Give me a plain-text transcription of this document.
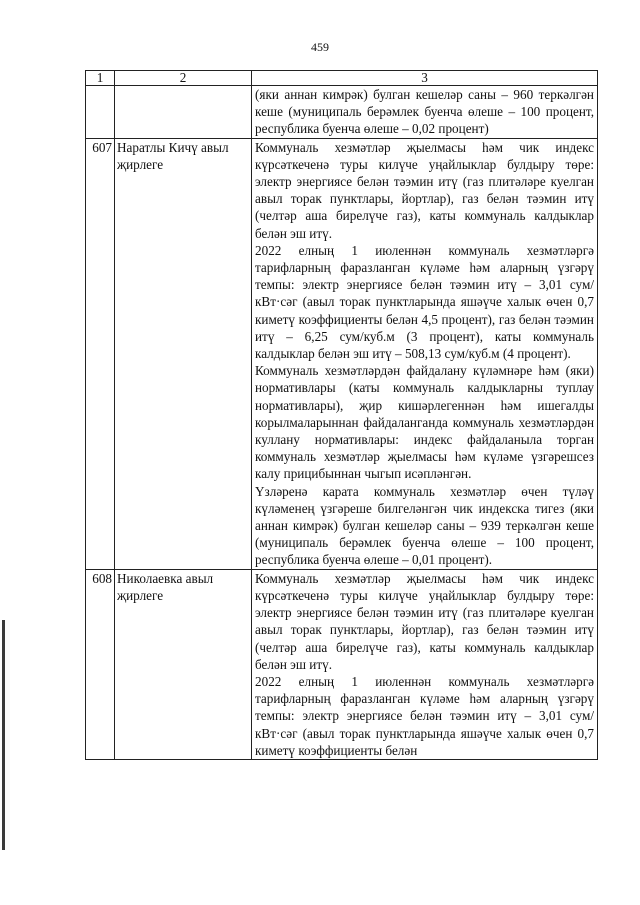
459
1	2	3

		(яки аннан кимрәк) булган кешеләр саны – 960 теркәлгән кеше (муниципаль берәмлек буенча өлеше – 100 процент, республика буенча өлеше – 0,02 процент)

607	Наратлы Кичү авыл җирлеге	Коммуналь хезмәтләр җыелмасы һәм чик индекс күрсәткеченә туры килүче уңайлыклар булдыру төре: электр энергиясе белән тәэмин итү (газ плитәләре куелган авыл торак пунктлары, йортлар), газ белән тәэмин итү (челтәр аша бирелүче газ), каты коммуналь калдыклар белән эш итү.

2022 елның 1 июленнән коммуналь хезмәтләргә тарифларның фаразланган күләме һәм аларның үзгәрү темпы: электр энергиясе белән тәэмин итү – 3,01 сум/кВт·сәг (авыл торак пунктларында яшәүче халык өчен 0,7 киметү коэффициенты белән 4,5 процент), газ белән тәэмин итү – 6,25 сум/куб.м (3 процент), каты коммуналь калдыклар белән эш итү – 508,13 сум/куб.м (4 процент).

Коммуналь хезмәтләрдән файдалану күләмнәре һәм (яки) нормативлары (каты коммуналь калдыкларны туплау нормативлары), җир кишәрлегеннән һәм ишегалды корылмаларыннан файдаланганда коммуналь хезмәтләрдән куллану нормативлары: индекс файдаланыла торган коммуналь хезмәтләр җыелмасы һәм күләме үзгәрешсез калу прицибыннан чыгып исәпләнгән.

Үзләренә карата коммуналь хезмәтләр өчен түләү күләменең үзгәреше билгеләнгән чик индекска тигез (яки аннан кимрәк) булган кешеләр саны – 939 теркәлгән кеше (муниципаль берәмлек буенча өлеше – 100 процент, республика буенча өлеше – 0,01 процент).

608	Николаевка авыл җирлеге	Коммуналь хезмәтләр җыелмасы һәм чик индекс күрсәткеченә туры килүче уңайлыклар булдыру төре: электр энергиясе белән тәэмин итү (газ плитәләре куелган авыл торак пунктлары, йортлар), газ белән тәэмин итү (челтәр аша бирелүче газ), каты коммуналь калдыклар белән эш итү.

2022 елның 1 июленнән коммуналь хезмәтләргә тарифларның фаразланган күләме һәм аларның үзгәрү темпы: электр энергиясе белән тәэмин итү – 3,01 сум/кВт·сәг (авыл торак пунктларында яшәүче халык өчен 0,7 киметү коэффициенты белән
